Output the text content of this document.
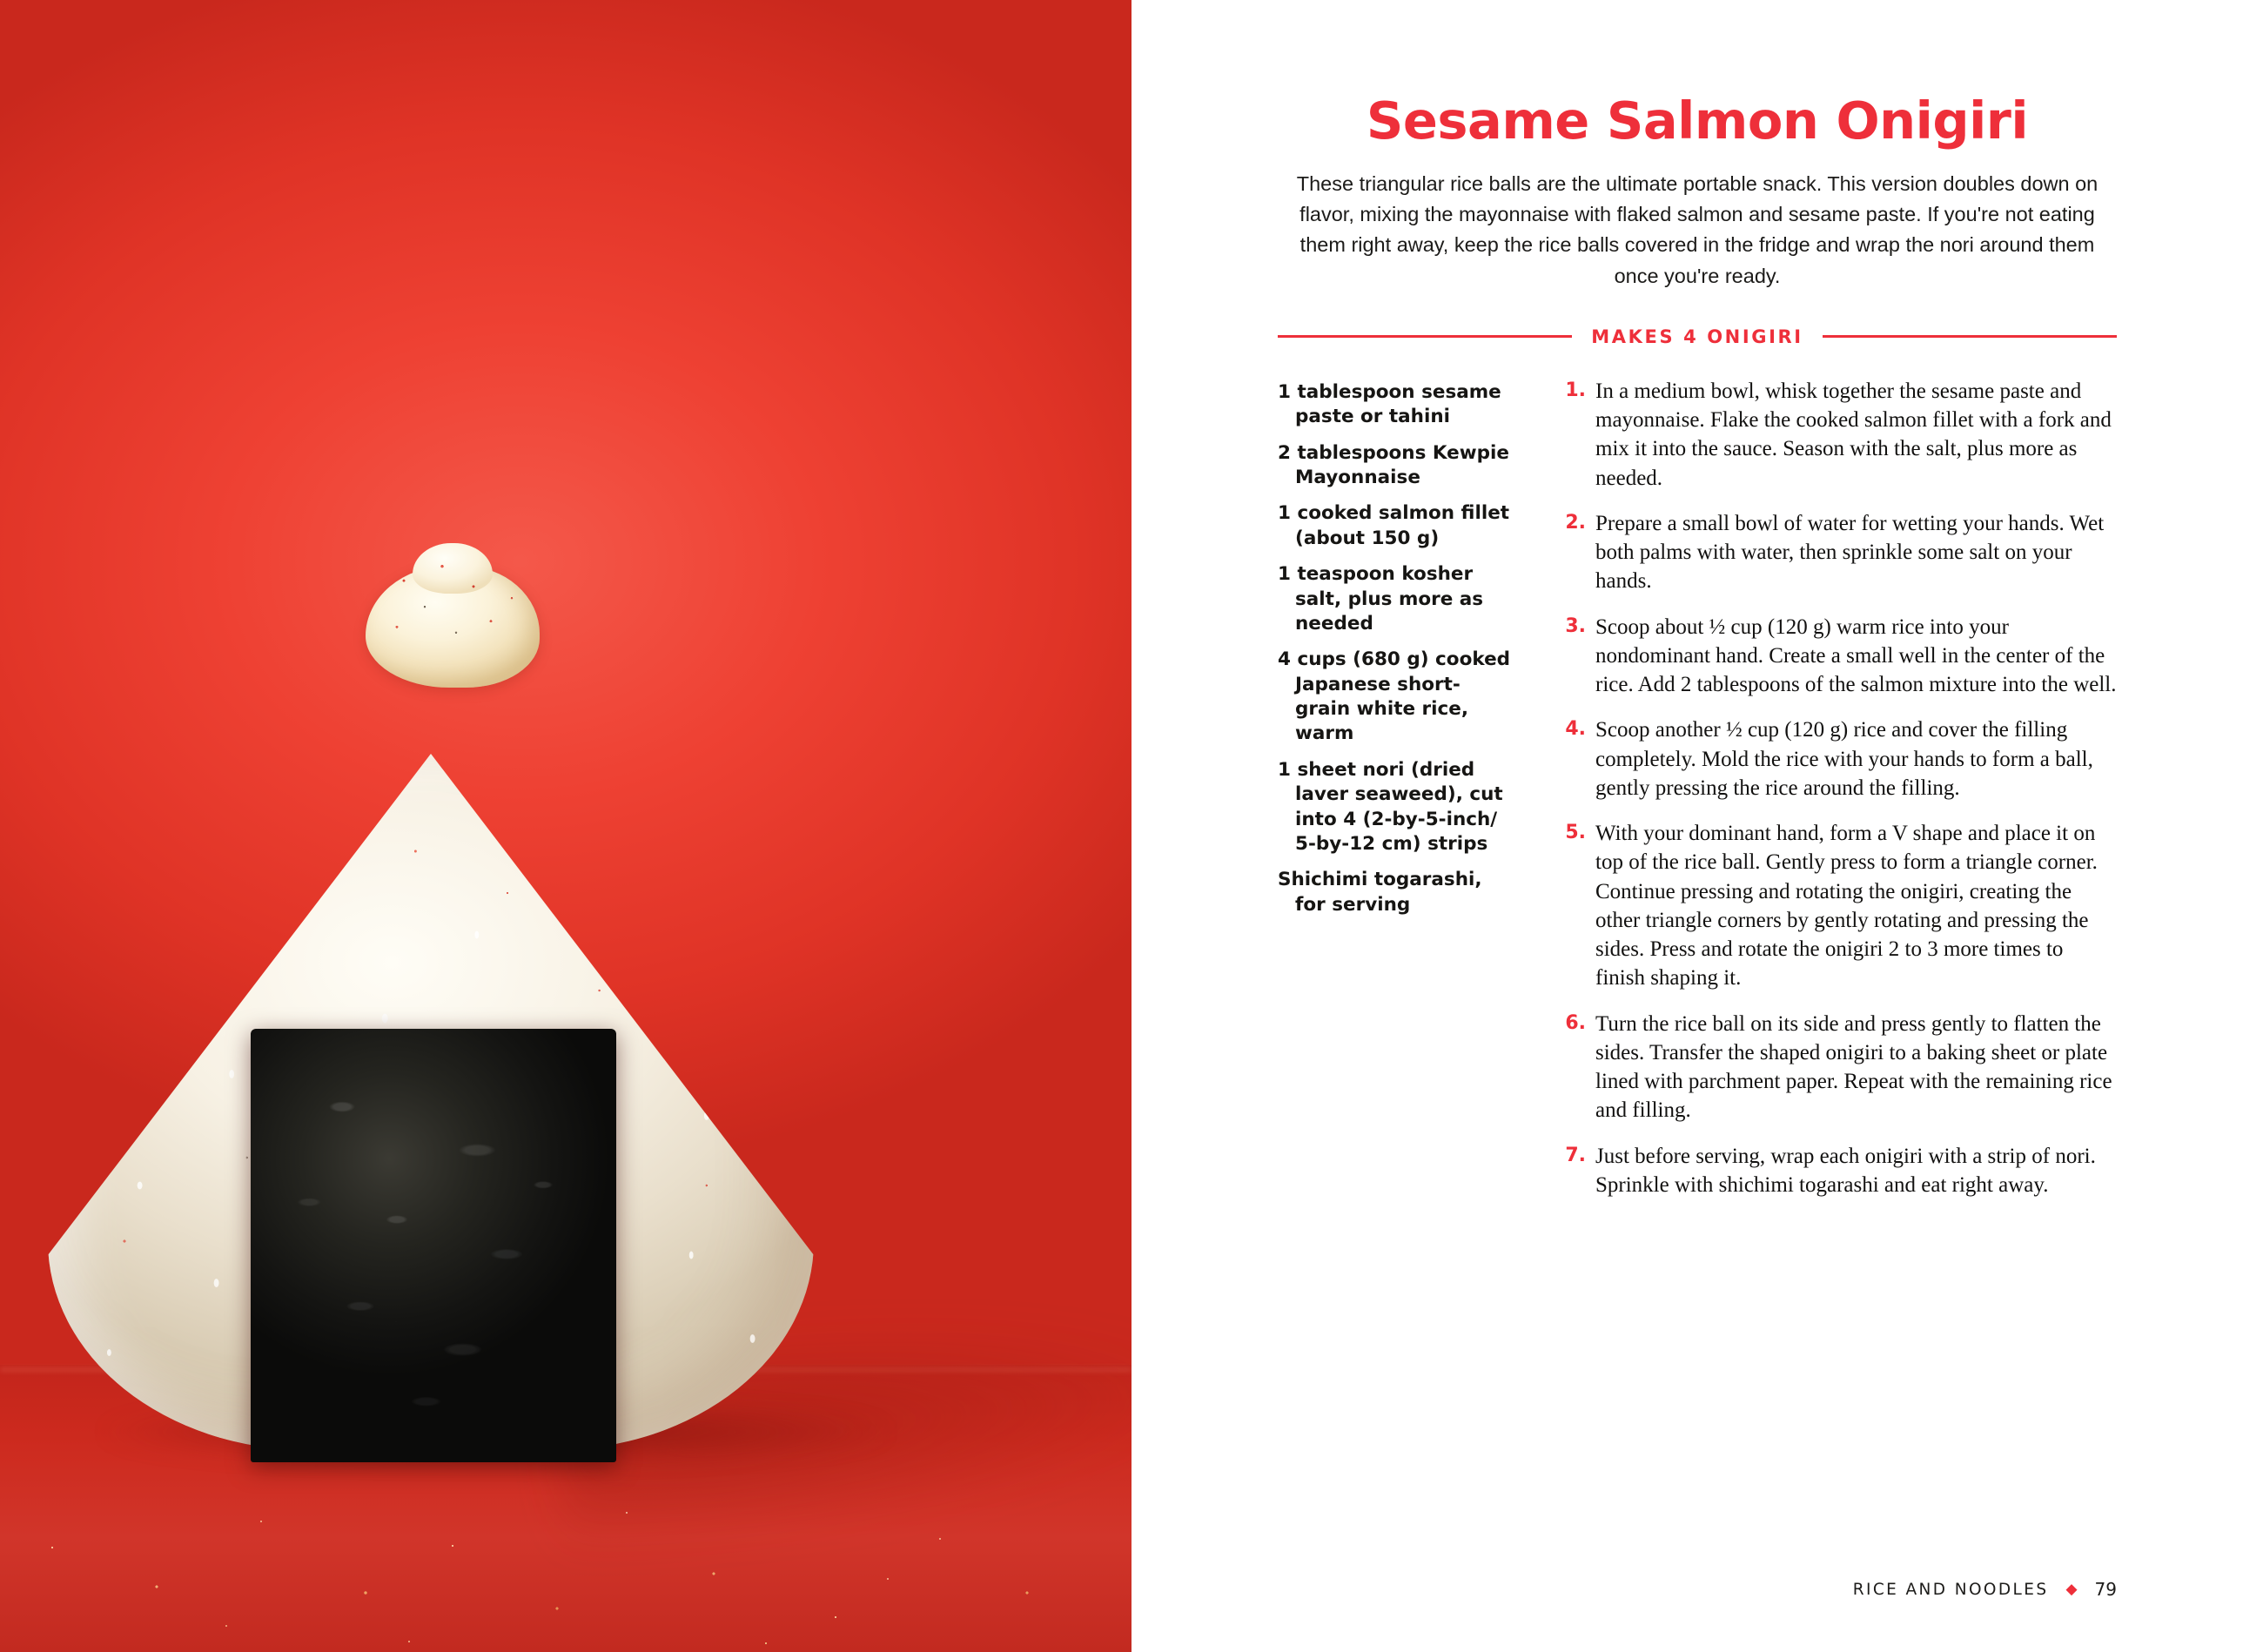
Sesame Salmon Onigiri

These triangular rice balls are the ultimate portable snack. This version doubles down on flavor, mixing the mayonnaise with flaked salmon and sesame paste. If you're not eating them right away, keep the rice balls covered in the fridge and wrap the nori around them once you're ready.

MAKES 4 ONIGIRI
1 tablespoon sesame paste or tahini
2 tablespoons Kewpie Mayonnaise
1 cooked salmon fillet (about 150 g)
1 teaspoon kosher salt, plus more as needed
4 cups (680 g) cooked Japanese short-grain white rice, warm
1 sheet nori (dried laver seaweed), cut into 4 (2-by-5-inch/ 5-by-12 cm) strips
Shichimi togarashi, for serving
1. In a medium bowl, whisk together the sesame paste and mayonnaise. Flake the cooked salmon fillet with a fork and mix it into the sauce. Season with the salt, plus more as needed.
2. Prepare a small bowl of water for wetting your hands. Wet both palms with water, then sprinkle some salt on your hands.
3. Scoop about ½ cup (120 g) warm rice into your nondominant hand. Create a small well in the center of the rice. Add 2 tablespoons of the salmon mixture into the well.
4. Scoop another ½ cup (120 g) rice and cover the filling completely. Mold the rice with your hands to form a ball, gently pressing the rice around the filling.
5. With your dominant hand, form a V shape and place it on top of the rice ball. Gently press to form a triangle corner. Continue pressing and rotating the onigiri, creating the other triangle corners by gently rotating and pressing the sides. Press and rotate the onigiri 2 to 3 more times to finish shaping it.
6. Turn the rice ball on its side and press gently to flatten the sides. Transfer the shaped onigiri to a baking sheet or plate lined with parchment paper. Repeat with the remaining rice and filling.
7. Just before serving, wrap each onigiri with a strip of nori. Sprinkle with shichimi togarashi and eat right away.
RICE AND NOODLES ◆ 79
